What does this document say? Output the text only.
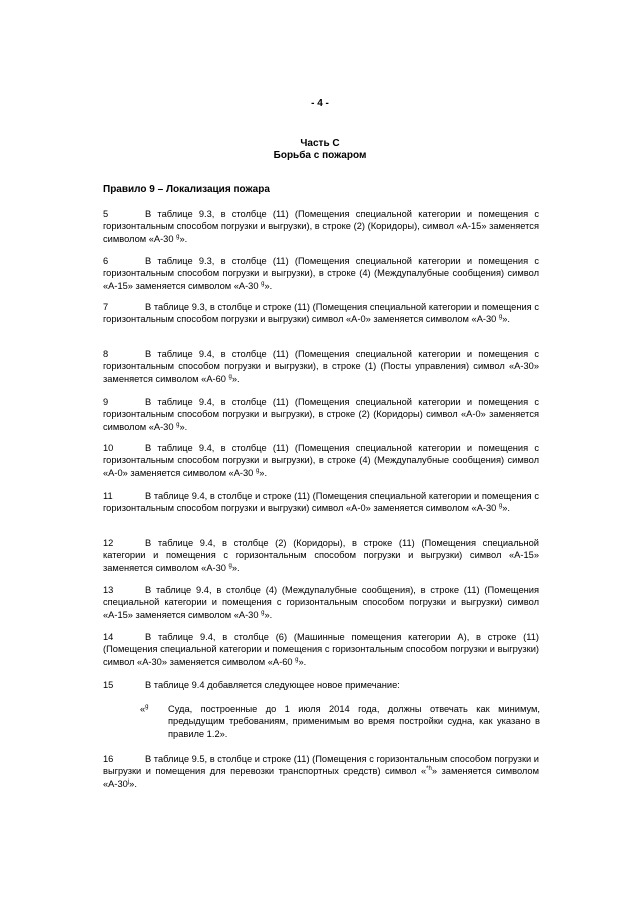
- 4 -
Часть С
Борьба с пожаром
Правило 9 – Локализация пожара
5	В таблице 9.3, в столбце (11) (Помещения специальной категории и помещения с горизонтальным способом погрузки и выгрузки), в строке (2) (Коридоры), символ «А-15» заменяется символом «А-30 $^g$».
6	В таблице 9.3, в столбце (11) (Помещения специальной категории и помещения с горизонтальным способом погрузки и выгрузки), в строке (4) (Междупалубные сообщения) символ «А-15» заменяется символом «А-30 $^g$».
7	В таблице 9.3, в столбце и строке (11) (Помещения специальной категории и помещения с горизонтальным способом погрузки и выгрузки) символ «А-0» заменяется символом «А-30 $^g$».
8	В таблице 9.4, в столбце (11) (Помещения специальной категории и помещения с горизонтальным способом погрузки и выгрузки), в строке (1) (Посты управления) символ «А-30» заменяется символом «А-60 $^g$».
9	В таблице 9.4, в столбце (11) (Помещения специальной категории и помещения с горизонтальным способом погрузки и выгрузки), в строке (2) (Коридоры) символ «А-0» заменяется символом «А-30 $^g$».
10	В таблице 9.4, в столбце (11) (Помещения специальной категории и помещения с горизонтальным способом погрузки и выгрузки), в строке (4) (Междупалубные сообщения) символ «А-0» заменяется символом «А-30 $^g$».
11	В таблице 9.4, в столбце и строке (11) (Помещения специальной категории и помещения с горизонтальным способом погрузки и выгрузки) символ «А-0» заменяется символом «А-30 $^g$».
12	В таблице 9.4, в столбце (2) (Коридоры), в строке (11) (Помещения специальной категории и помещения с горизонтальным способом погрузки и выгрузки) символ «А-15» заменяется символом «А-30 $^g$».
13	В таблице 9.4, в столбце (4) (Междупалубные сообщения), в строке (11) (Помещения специальной категории и помещения с горизонтальным способом погрузки и выгрузки) символ «А-15» заменяется символом «А-30 $^g$».
14	В таблице 9.4, в столбце (6) (Машинные помещения категории А), в строке (11) (Помещения специальной категории и помещения с горизонтальным способом погрузки и выгрузки) символ «А-30» заменяется символом «А-60 $^g$».
15	В таблице 9.4 добавляется следующее новое примечание:
«$^g$ Суда, построенные до 1 июля 2014 года, должны отвечать как минимум, предыдущим требованиям, применимым во время постройки судна, как указано в правиле 1.2».
16	В таблице 9.5, в столбце и строке (11) (Помещения с горизонтальным способом погрузки и выгрузки и помещения для перевозки транспортных средств) символ «$^{*h}$» заменяется символом «А-30$^j$».
